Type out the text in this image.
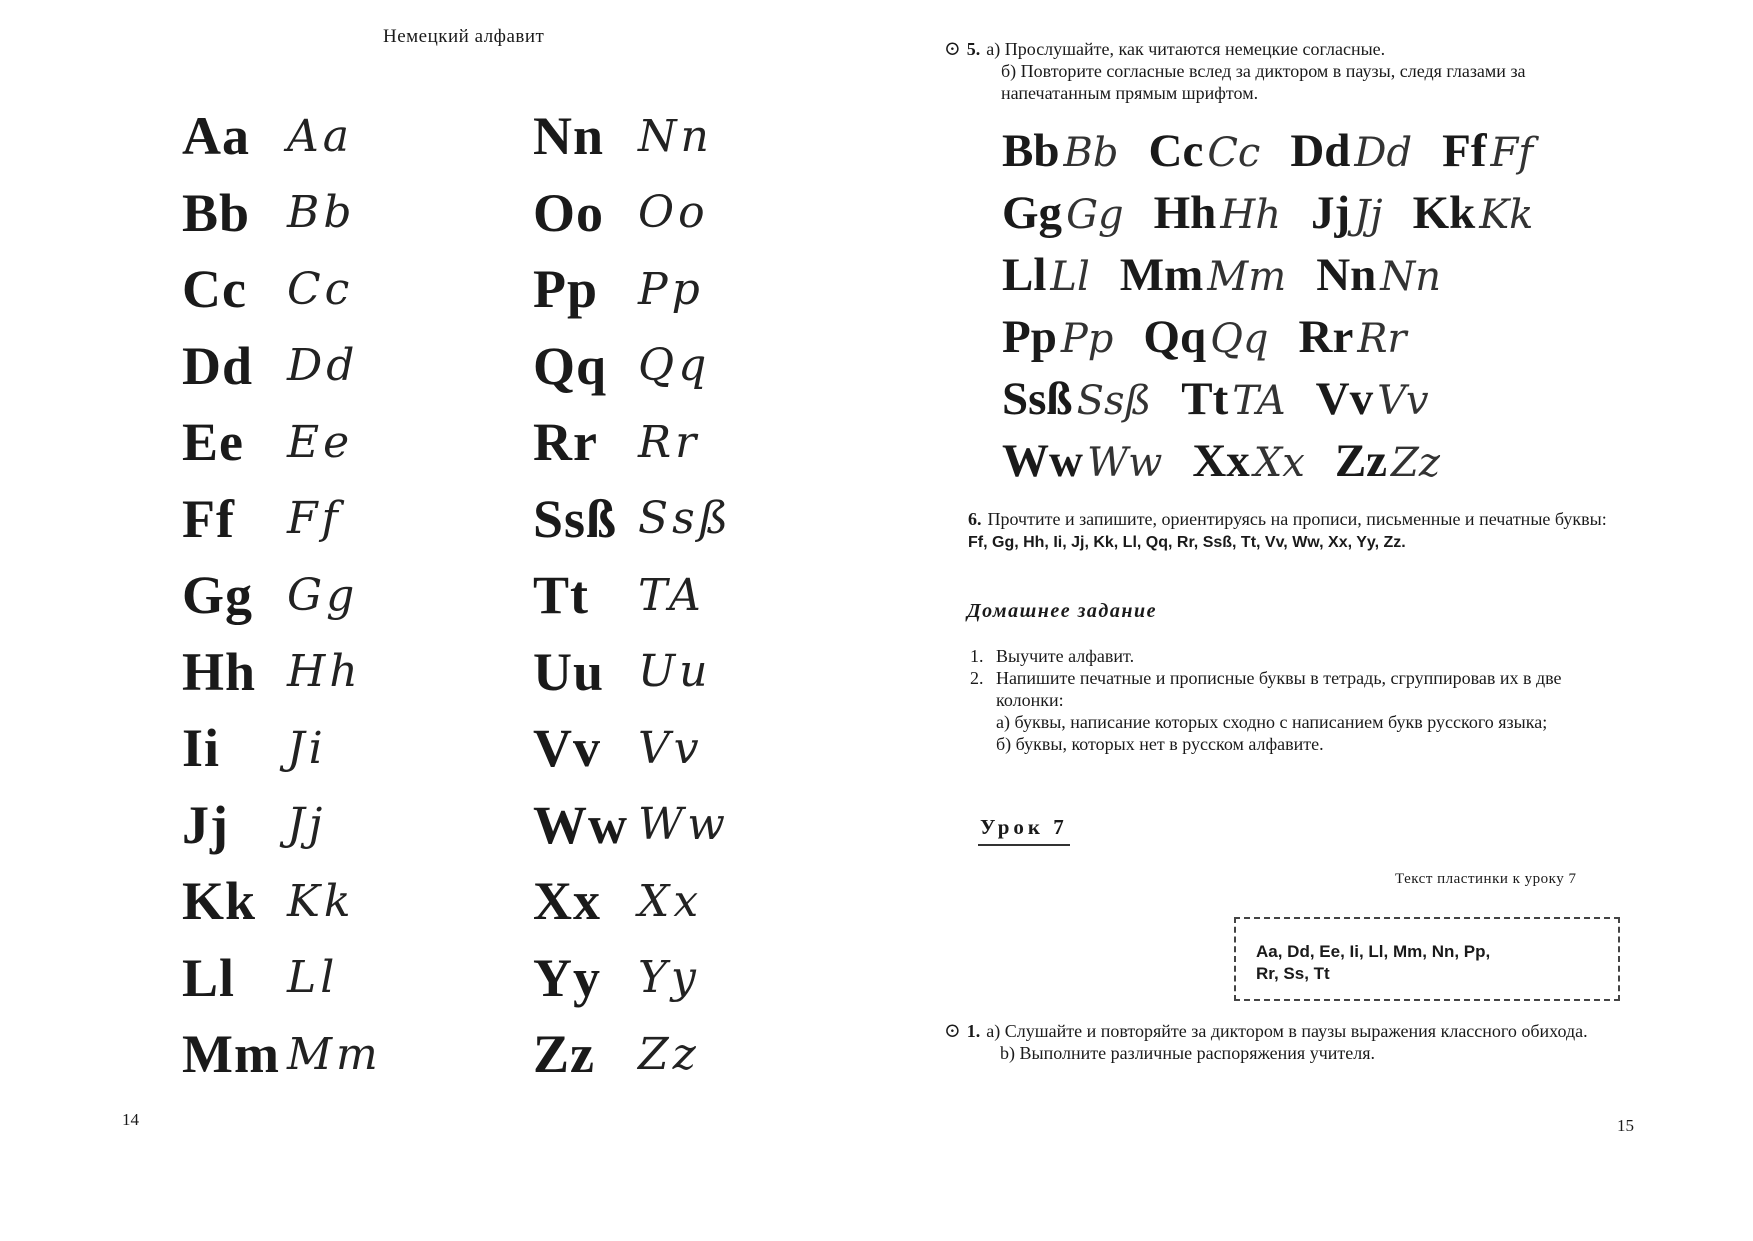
Немецкий алфавит
Aa Aa
Bb Bb
Cc Cc
Dd Dd
Ee Ee
Ff	Ff
Gg Gg
Hh Hh
Ii	Ji
Jj	Jj
Kk Kk
Ll	Ll
Mm Mm
Nn Nn
Oo Oo
Pp Pp
Qq Qq
Rr Rr
Ssß Ssß
Tt	TA
Uu Uu
Vv Vv
Ww Ww
Xx Xx
Yy Yy
Zz Zz
14
⊙ 5. а) Прослушайте, как читаются немецкие согласные.
б) Повторите согласные вслед за диктором в паузы, следя глазами за напечатанным прямым шрифтом.
Bb Bb Cc Cc Dd Dd Ff Ff
Gg Gg Hh Hh Jj Jj Kk Kk
Ll Ll Mm Mm Nn Nn
Pp Pp Qq Qq Rr Rr
Ssß Ssß Tt TA Vv Vv
Ww Ww Xx Xx Zz Zz
6. Прочтите и запишите, ориентируясь на прописи, письменные и печатные буквы: Ff, Gg, Hh, Ii, Jj, Kk, Ll, Qq, Rr, Ssß, Tt, Vv, Ww, Xx, Yy, Zz.
Домашнее задание
1. Выучите алфавит.
2. Напишите печатные и прописные буквы в тетрадь, сгруппировав их в две колонки:
а) буквы, написание которых сходно с написанием букв русского языка;
б) буквы, которых нет в русском алфавите.
Урок 7
Текст пластинки к уроку 7
Aa, Dd, Ee, Ii, Ll, Mm, Nn, Pp,
Rr, Ss, Tt
⊙ 1. а) Слушайте и повторяйте за диктором в паузы выражения классного обихода.
b) Выполните различные распоряжения учителя.
15
